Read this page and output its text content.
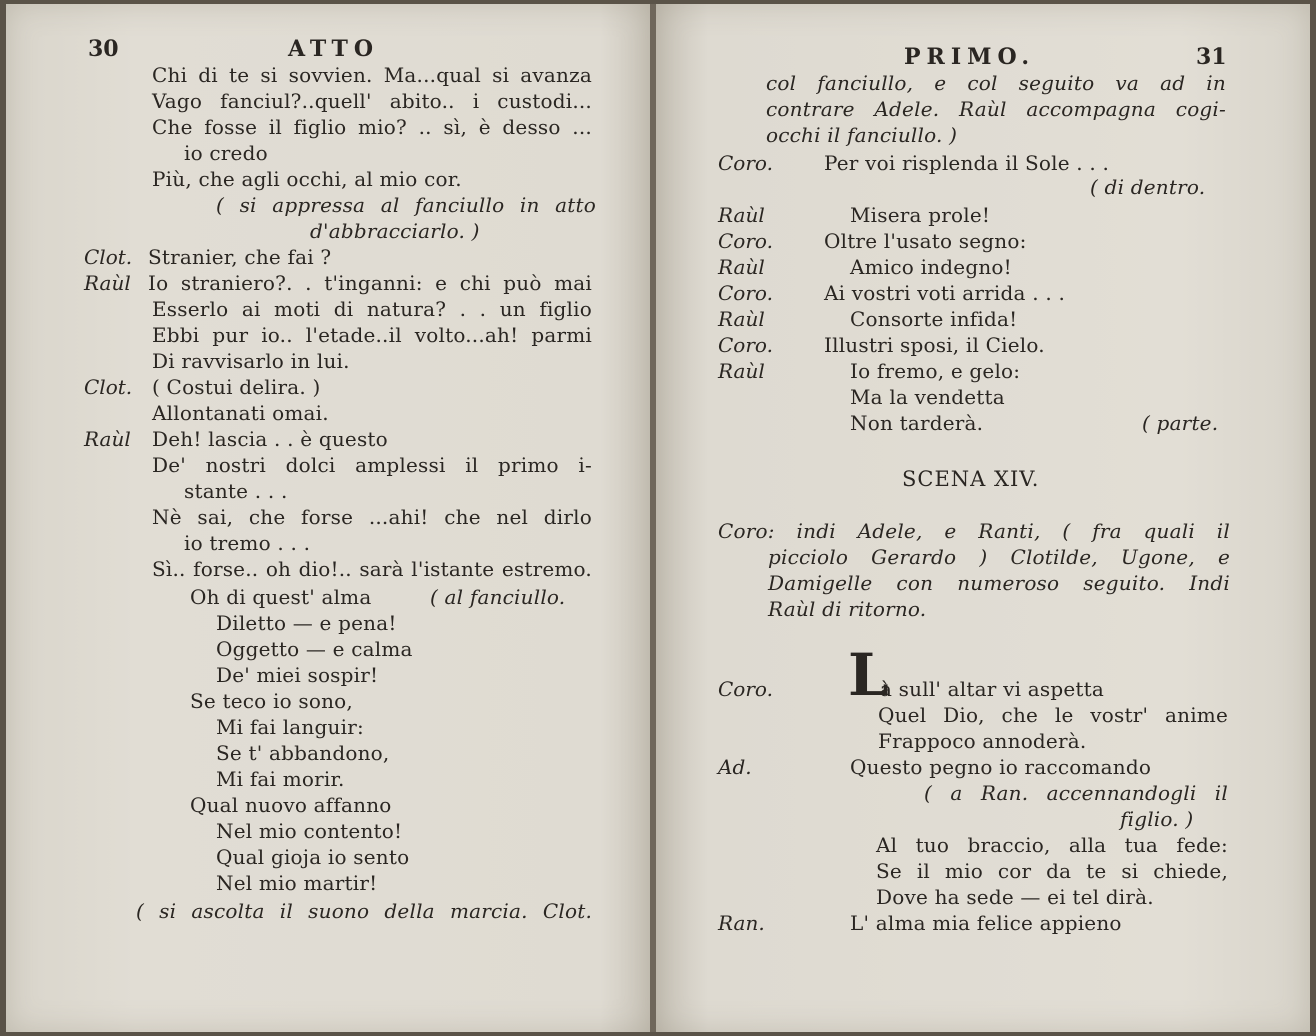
30	ATTO
Chi di te si sovvien. Ma...qual si avanza
Vago fanciul?..quell' abito.. i custodi...
Che fosse il figlio mio? .. sì, è desso ...
io credo
Più, che agli occhi, al mio cor.
( si appressa al fanciullo in atto
d'abbracciarlo. )
Clot. Stranier, che fai ?
Raùl Io straniero?. . t'inganni: e chi può mai
Esserlo ai moti di natura? . . un figlio
Ebbi pur io.. l'etade..il volto...ah! parmi
Di ravvisarlo in lui.
Clot. ( Costui delira. )
Allontanati omai.
Raùl Deh! lascia . . è questo
De' nostri dolci amplessi il primo i-
stante . . .
Nè sai, che forse ...ahi! che nel dirlo
io tremo . . .
Sì.. forse.. oh dio!.. sarà l'istante estremo.
Oh di quest' alma	( al fanciullo.
Diletto — e pena!
Oggetto — e calma
De' miei sospir!
Se teco io sono,
Mi fai languir:
Se t' abbandono,
Mi fai morir.
Qual nuovo affanno
Nel mio contento!
Qual gioja io sento
Nel mio martir!
( si ascolta il suono della marcia. Clot.
PRIMO.	31
SCENA XIV.
L
col fanciullo, e col seguito va ad in
contrare Adele. Raùl accompagna cogi-
occhi il fanciullo. )
Coro.	Per voi risplenda il Sole . . .
( di dentro.
Raùl	Misera prole!
Coro.	Oltre l'usato segno:
Raùl	Amico indegno!
Coro.	Ai vostri voti arrida . . .
Raùl	Consorte infida!
Coro.	Illustri sposi, il Cielo.
Raùl	Io fremo, e gelo:
Ma la vendetta
Non tarderà.	( parte.
Coro: indi Adele, e Ranti, ( fra quali il
picciolo Gerardo ) Clotilde, Ugone, e
Damigelle con numeroso seguito. Indi
Raùl di ritorno.
Coro.	à sull' altar vi aspetta
Quel Dio, che le vostr' anime
Frappoco annoderà.
Ad.	Questo pegno io raccomando
( a Ran. accennandogli il
figlio. )
Al tuo braccio, alla tua fede:
Se il mio cor da te si chiede,
Dove ha sede — ei tel dirà.
Ran.	L' alma mia felice appieno
